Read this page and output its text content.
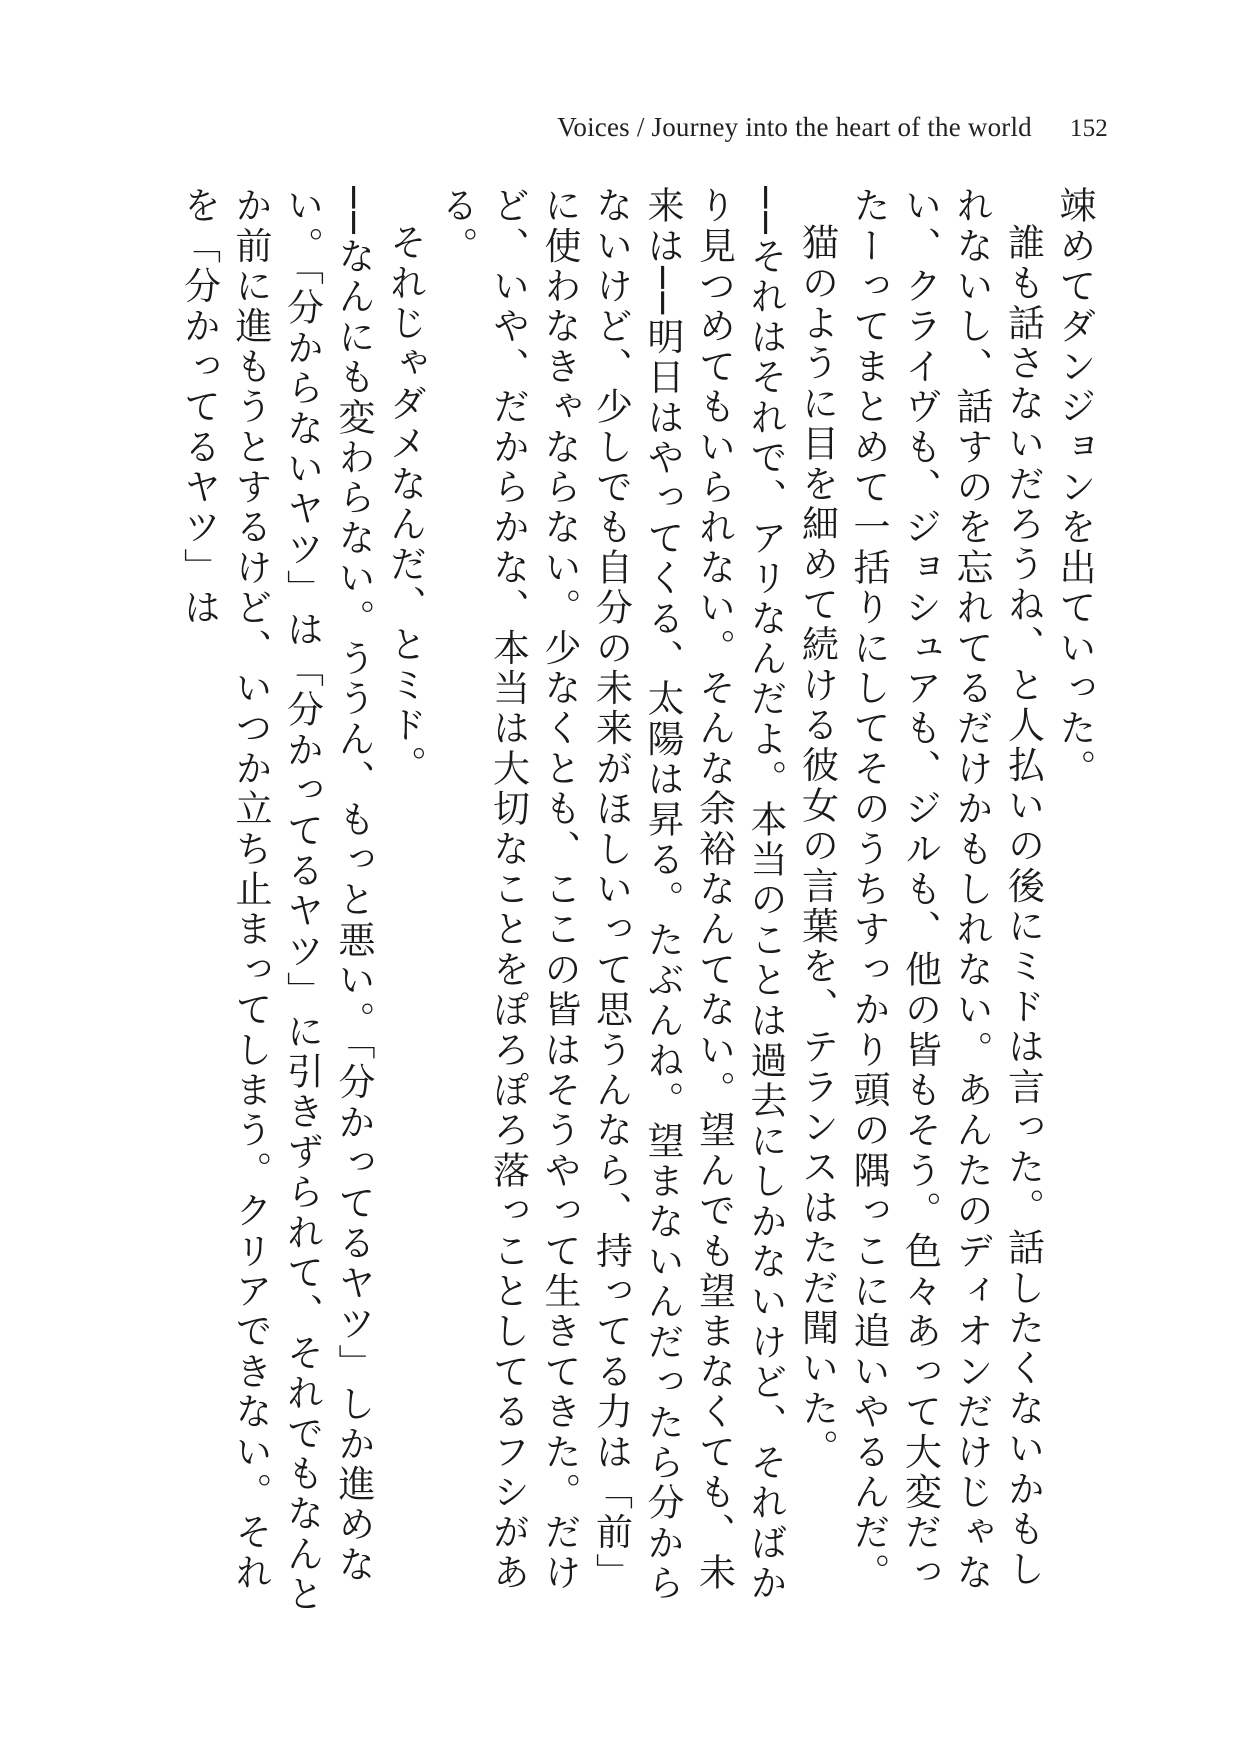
Voices / Journey into the heart of the world 152

竦めてダンジョンを出ていった。

誰も話さないだろうね、と人払いの後にミドは言った。話したくないかもしれないし、話すのを忘れてるだけかもしれない。あんたのディオンだけじゃない、クライヴも、ジョシュアも、ジルも、他の皆もそう。色々あって大変だったーってまとめて一括りにしてそのうちすっかり頭の隅っこに追いやるんだ。

猫のように目を細めて続ける彼女の言葉を、テランスはただ聞いた。

──それはそれで、アリなんだよ。本当のことは過去にしかないけど、そればかり見つめてもいられない。そんな余裕なんてない。望んでも望まなくても、未来は──明日はやってくる、太陽は昇る。たぶんね。望まないんだったら分からないけど、少しでも自分の未来がほしいって思うんなら、持ってる力は「前」に使わなきゃならない。少なくとも、ここの皆はそうやって生きてきた。だけど、いや、だからかな、本当は大切なことをぽろぽろ落っことしてるフシがある。

それじゃダメなんだ、とミド。

──なんにも変わらない。ううん、もっと悪い。「分かってるヤツ」しか進めない。「分からないヤツ」は「分かってるヤツ」に引きずられて、それでもなんとか前に進もうとするけど、いつか立ち止まってしまう。クリアできない。それを「分かってるヤツ」は
